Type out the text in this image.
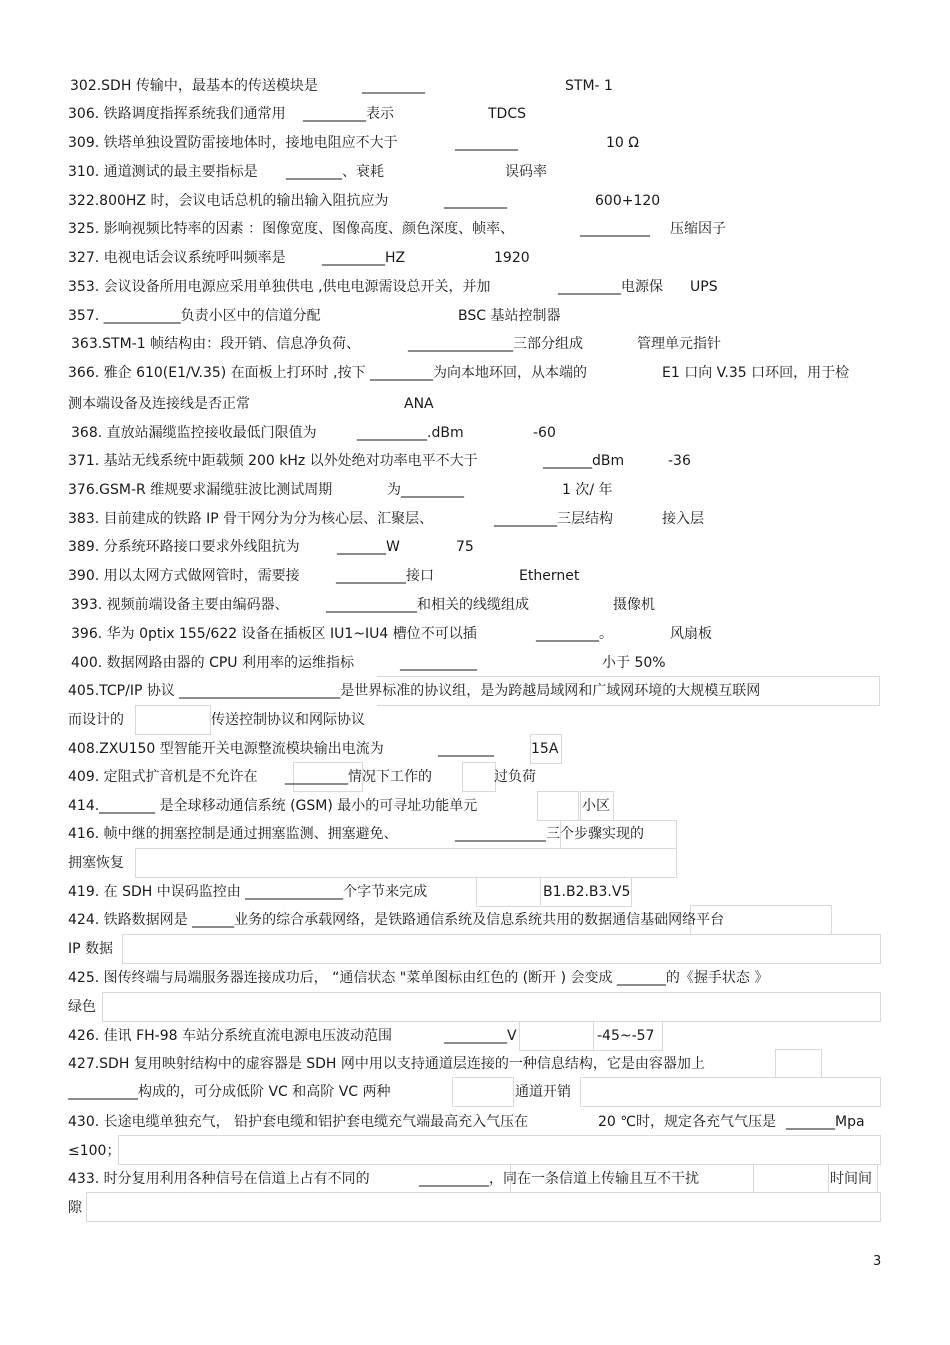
302.SDH 传输中，最基本的传送模块是	_________	STM- 1
306. 铁路调度指挥系统我们通常用 _________表示	TDCS
309. 铁塔单独设置防雷接地体时，接地电阻应不大于	_________	10 Ω
310. 通道测试的最主要指标是 ________、衰耗	误码率
322.800HZ 时，会议电话总机的输出输入阻抗应为	_________	600+120
325. 影响视频比特率的因素 ：图像宽度、图像高度、颜色深度、帧率、	__________ 压缩因子
327. 电视电话会议系统呼叫频率是	_________HZ	1920
353. 会议设备所用电源应采用单独供电 ,供电电源需设总开关，并加	_________电源保 UPS
357. ___________负责小区中的信道分配	BSC 基站控制器
363.STM-1 帧结构由：段开销、信息净负荷、	_______________三部分组成	管理单元指针
366. 雅企 610(E1/V.35) 在面板上打环时 ,按下 _________为向本地环回，从本端的	E1 口向 V.35 口环回，用于检
测本端设备及连接线是否正常	ANA
368. 直放站漏缆监控接收最低门限值为	__________.dBm	-60
371. 基站无线系统中距载频 200 kHz 以外处绝对功率电平不大于	_______dBm	-36
376.GSM-R 维规要求漏缆驻波比测试周期	为_________	1 次/ 年
383. 目前建成的铁路 IP 骨干网分为分为核心层、汇聚层、	_________三层结构	接入层
389. 分系统环路接口要求外线阻抗为	_______W	75
390. 用以太网方式做网管时，需要接	__________接口	Ethernet
393. 视频前端设备主要由编码器、	_____________和相关的线缆组成	摄像机
396. 华为 0ptix 155/622 设备在插板区 IU1~IU4 槽位不可以插	_________。	风扇板
400. 数据网路由器的 CPU 利用率的运维指标	___________	小于 50%
405.TCP/IP 协议 _______________________是世界标准的协议组，是为跨越局域网和广域网环境的大规模互联网
而设计的	传送控制协议和网际协议
408.ZXU150 型智能开关电源整流模块输出电流为	________	15A
409. 定阻式扩音机是不允许在 _________情况下工作的	过负荷
414.________ 是全球移动通信系统 (GSM) 最小的可寻址功能单元	小区
416. 帧中继的拥塞控制是通过拥塞监测、拥塞避免、	_____________三个步骤实现的
拥塞恢复
419. 在 SDH 中误码监控由 ______________个字节来完成	B1.B2.B3.V5
424. 铁路数据网是 ______业务的综合承载网络，是铁路通信系统及信息系统共用的数据通信基础网络平台
IP 数据
425. 图传终端与局端服务器连接成功后， “通信状态 "菜单图标由红色的 (断开 ) 会变成 _______的《握手状态 》
绿色
426. 佳讯 FH-98 车站分系统直流电源电压波动范围	_________V	-45~-57
427.SDH 复用映射结构中的虚容器是 SDH 网中用以支持通道层连接的一种信息结构，它是由容器加上
__________构成的，可分成低阶 VC 和高阶 VC 两种	通道开销
430. 长途电缆单独充气， 铅护套电缆和铝护套电缆充气端最高充入气压在	20 ℃时，规定各充气气压是 _______Mpa
≤100；
433. 时分复用利用各种信号在信道上占有不同的	__________，同在一条信道上传输且互不干扰	时间间
隙
3
